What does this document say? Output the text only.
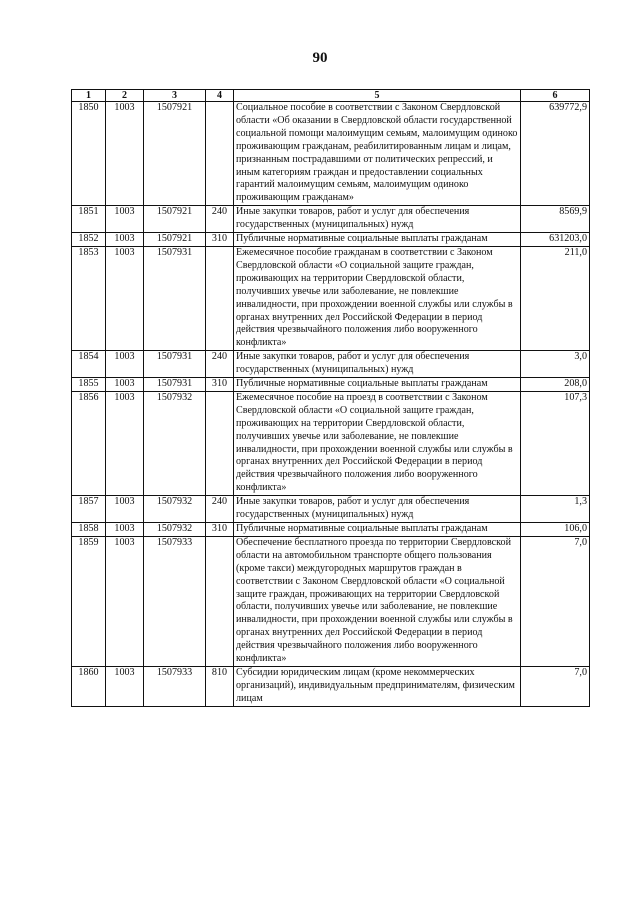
90
1	2	3	4	5	6
1850	1003	1507921		Социальное пособие в соответствии с Законом Свердловской области «Об оказании в Свердловской области государственной социальной помощи малоимущим семьям, малоимущим одиноко проживающим гражданам, реабилитированным лицам и лицам, признанным пострадавшими от политических репрессий, и иным категориям граждан и предоставлении социальных гарантий малоимущим семьям, малоимущим одиноко проживающим гражданам»	639772,9
1851	1003	1507921	240	Иные закупки товаров, работ и услуг для обеспечения государственных (муниципальных) нужд	8569,9
1852	1003	1507921	310	Публичные нормативные социальные выплаты гражданам	631203,0
1853	1003	1507931		Ежемесячное пособие гражданам в соответствии с Законом Свердловской области «О социальной защите граждан, проживающих на территории Свердловской области, получивших увечье или заболевание, не повлекшие инвалидности, при прохождении военной службы или службы в органах внутренних дел Российской Федерации в период действия чрезвычайного положения либо вооруженного конфликта»	211,0
1854	1003	1507931	240	Иные закупки товаров, работ и услуг для обеспечения государственных (муниципальных) нужд	3,0
1855	1003	1507931	310	Публичные нормативные социальные выплаты гражданам	208,0
1856	1003	1507932		Ежемесячное пособие на проезд в соответствии с Законом Свердловской области «О социальной защите граждан, проживающих на территории Свердловской области, получивших увечье или заболевание, не повлекшие инвалидности, при прохождении военной службы или службы в органах внутренних дел Российской Федерации в период действия чрезвычайного положения либо вооруженного конфликта»	107,3
1857	1003	1507932	240	Иные закупки товаров, работ и услуг для обеспечения государственных (муниципальных) нужд	1,3
1858	1003	1507932	310	Публичные нормативные социальные выплаты гражданам	106,0
1859	1003	1507933		Обеспечение бесплатного проезда по территории Свердловской области на автомобильном транспорте общего пользования (кроме такси) междугородных маршрутов граждан в соответствии с Законом Свердловской области «О социальной защите граждан, проживающих на территории Свердловской области, получивших увечье или заболевание, не повлекшие инвалидности, при прохождении военной службы или службы в органах внутренних дел Российской Федерации в период действия чрезвычайного положения либо вооруженного конфликта»	7,0
1860	1003	1507933	810	Субсидии юридическим лицам (кроме некоммерческих организаций), индивидуальным предпринимателям, физическим лицам	7,0
